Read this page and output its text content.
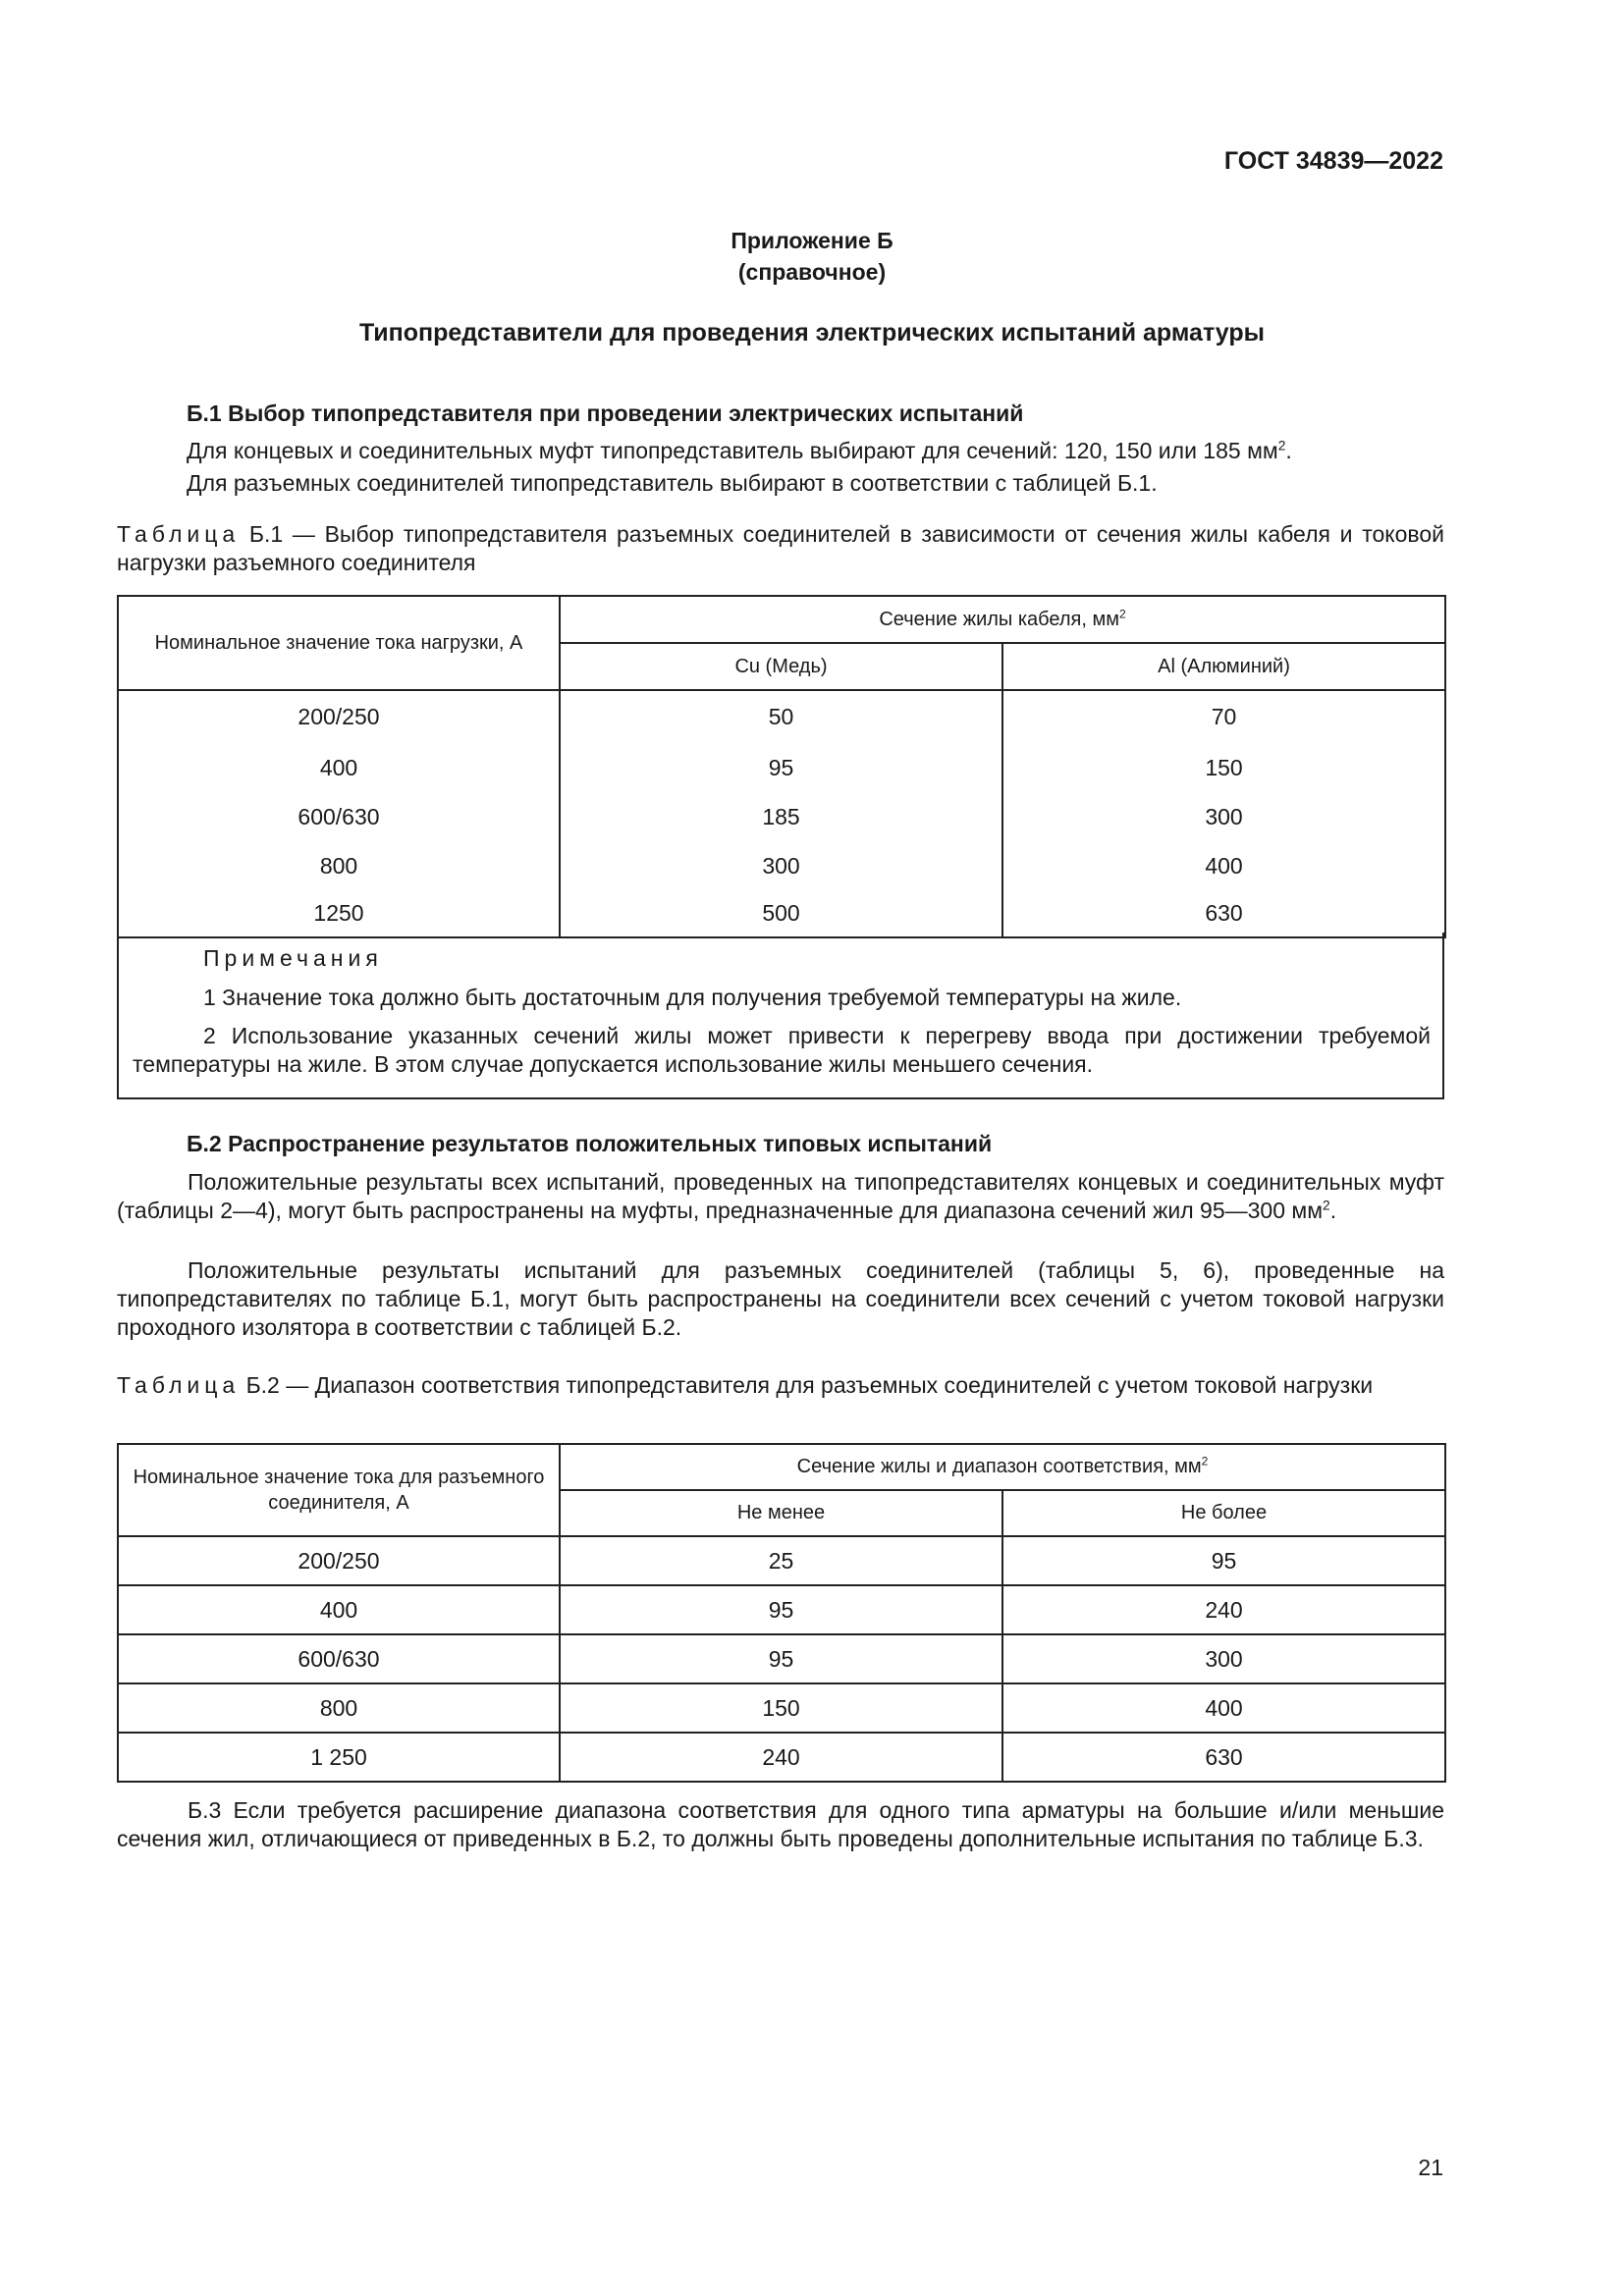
ГОСТ 34839—2022
Приложение Б
(справочное)
Типопредставители для проведения электрических испытаний арматуры
Б.1 Выбор типопредставителя при проведении электрических испытаний
Для концевых и соединительных муфт типопредставитель выбирают для сечений: 120, 150 или 185 $мм^2$.
Для разъемных соединителей типопредставитель выбирают в соответствии с таблицей Б.1.
Таблица Б.1 — Выбор типопредставителя разъемных соединителей в зависимости от сечения жилы кабеля и токовой нагрузки разъемного соединителя
Номинальное значение тока нагрузки, А	Сечение жилы кабеля, $мм^2$
	Cu (Медь)	Al (Алюминий)
200/250	50	70
400	95	150
600/630	185	300
800	300	400
1250	500	630
Примечания
1 Значение тока должно быть достаточным для получения требуемой температуры на жиле.
2 Использование указанных сечений жилы может привести к перегреву ввода при достижении требуемой температуры на жиле. В этом случае допускается использование жилы меньшего сечения.
Б.2 Распространение результатов положительных типовых испытаний
Положительные результаты всех испытаний, проведенных на типопредставителях концевых и соединительных муфт (таблицы 2—4), могут быть распространены на муфты, предназначенные для диапазона сечений жил 95—300 $мм^2$.
Положительные результаты испытаний для разъемных соединителей (таблицы 5, 6), проведенные на типопредставителях по таблице Б.1, могут быть распространены на соединители всех сечений с учетом токовой нагрузки проходного изолятора в соответствии с таблицей Б.2.
Таблица Б.2 — Диапазон соответствия типопредставителя для разъемных соединителей с учетом токовой нагрузки
Номинальное значение тока для разъемного соединителя, А	Сечение жилы и диапазон соответствия, $мм^2$
	Не менее	Не более
200/250	25	95
400	95	240
600/630	95	300
800	150	400
1 250	240	630
Б.3 Если требуется расширение диапазона соответствия для одного типа арматуры на большие и/или меньшие сечения жил, отличающиеся от приведенных в Б.2, то должны быть проведены дополнительные испытания по таблице Б.3.
21
